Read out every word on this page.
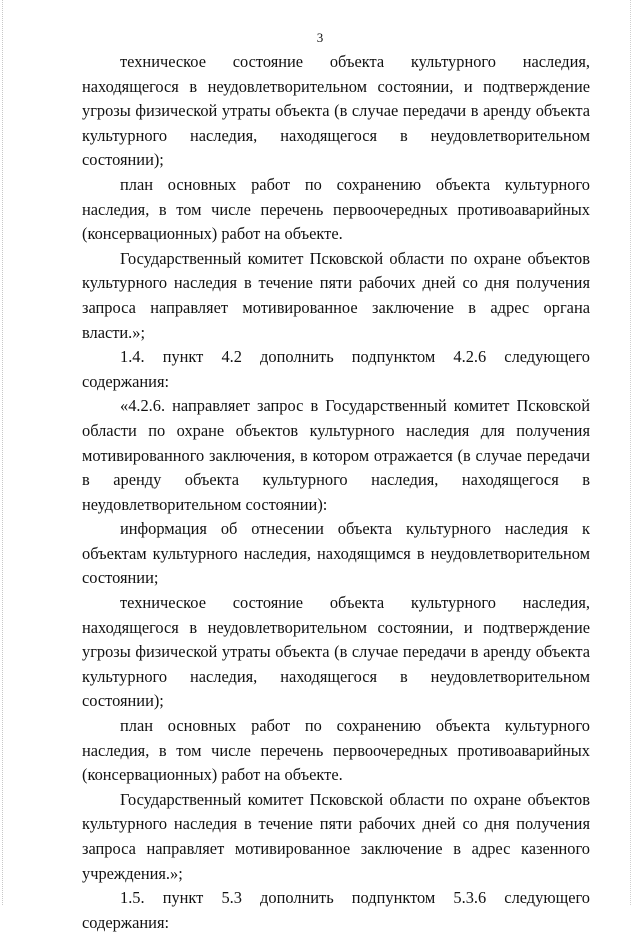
3

техническое состояние объекта культурного наследия, находящегося в неудовлетворительном состоянии, и подтверждение угрозы физической утраты объекта (в случае передачи в аренду объекта культурного наследия, находящегося в неудовлетворительном состоянии);

план основных работ по сохранению объекта культурного наследия, в том числе перечень первоочередных противоаварийных (консервационных) работ на объекте.

Государственный комитет Псковской области по охране объектов культурного наследия в течение пяти рабочих дней со дня получения запроса направляет мотивированное заключение в адрес органа власти.»;

1.4. пункт 4.2 дополнить подпунктом 4.2.6 следующего содержания:

«4.2.6. направляет запрос в Государственный комитет Псковской области по охране объектов культурного наследия для получения мотивированного заключения, в котором отражается (в случае передачи в аренду объекта культурного наследия, находящегося в неудовлетворительном состоянии):

информация об отнесении объекта культурного наследия к объектам культурного наследия, находящимся в неудовлетворительном состоянии;

техническое состояние объекта культурного наследия, находящегося в неудовлетворительном состоянии, и подтверждение угрозы физической утраты объекта (в случае передачи в аренду объекта культурного наследия, находящегося в неудовлетворительном состоянии);

план основных работ по сохранению объекта культурного наследия, в том числе перечень первоочередных противоаварийных (консервационных) работ на объекте.

Государственный комитет Псковской области по охране объектов культурного наследия в течение пяти рабочих дней со дня получения запроса направляет мотивированное заключение в адрес казенного учреждения.»;

1.5. пункт 5.3 дополнить подпунктом 5.3.6 следующего содержания:
